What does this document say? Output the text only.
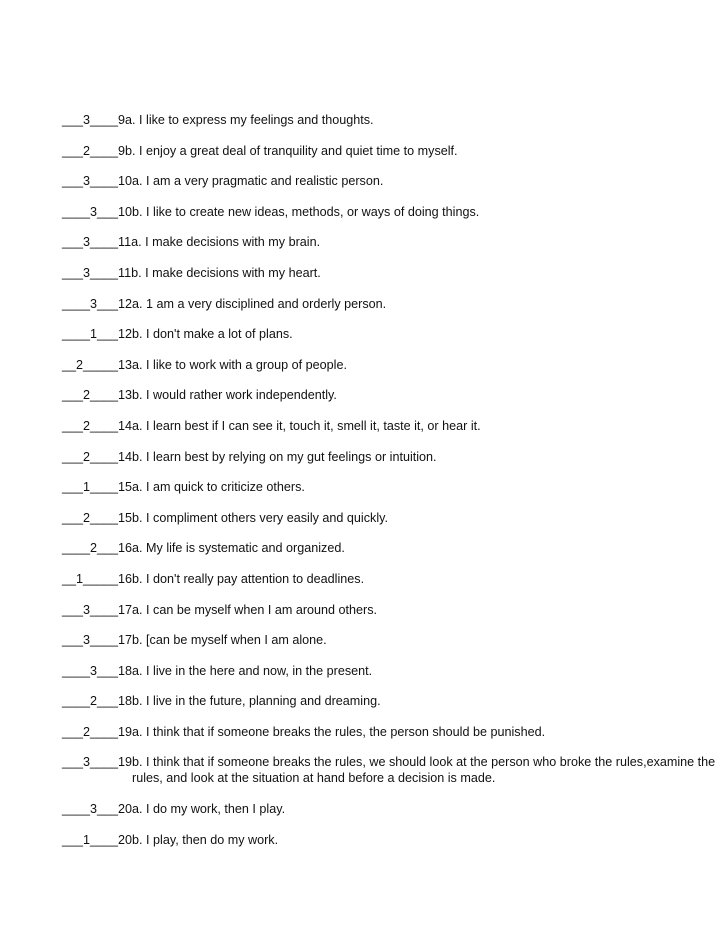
___3____9a. I like to express my feelings and thoughts.
___2____9b. I enjoy a great deal of tranquility and quiet time to myself.
___3____10a. I am a very pragmatic and realistic person.
____3___10b. I like to create new ideas, methods, or ways of doing things.
___3____11a. I make decisions with my brain.
___3____11b. I make decisions with my heart.
____3___12a. 1 am a very disciplined and orderly person.
____1___12b. I don't make a lot of plans.
__2_____13a. I like to work with a group of people.
___2____13b. I would rather work independently.
___2____14a. I learn best if I can see it, touch it, smell it, taste it, or hear it.
___2____14b. I learn best by relying on my gut feelings or intuition.
___1____15a. I am quick to criticize others.
___2____15b. I compliment others very easily and quickly.
____2___16a. My life is systematic and organized.
__1_____16b. I don't really pay attention to deadlines.
___3____17a. I can be myself when I am around others.
___3____17b. [can be myself when I am alone.
____3___18a. I live in the here and now, in the present.
____2___18b. I live in the future, planning and dreaming.
___2____19a. I think that if someone breaks the rules, the person should be punished.
___3____19b. I think that if someone breaks the rules, we should look at the person who broke the rules,examine the
rules, and look at the situation at hand before a decision is made.
____3___20a. I do my work, then I play.
___1____20b. I play, then do my work.
